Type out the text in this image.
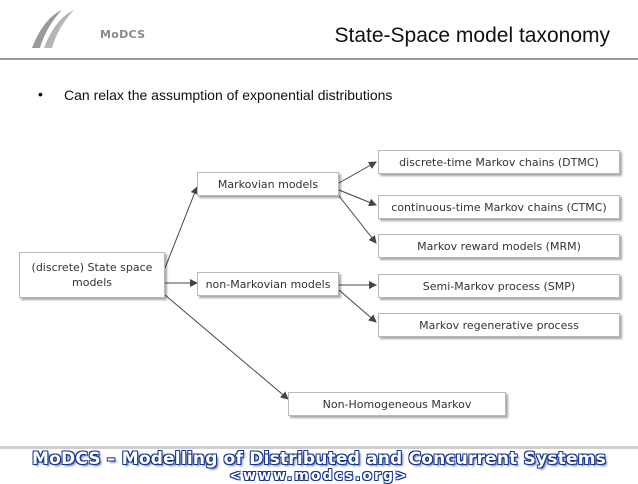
MoDCS	State-Space model taxonomy
• Can relax the assumption of exponential distributions
(discrete) State space models
Markovian models
non-Markovian models
discrete-time Markov chains (DTMC)
continuous-time Markov chains (CTMC)
Markov reward models (MRM)
Semi-Markov process (SMP)
Markov regenerative process
Non-Homogeneous Markov
MoDCS – Modelling of Distributed and Concurrent Systems
<www.modcs.org>
